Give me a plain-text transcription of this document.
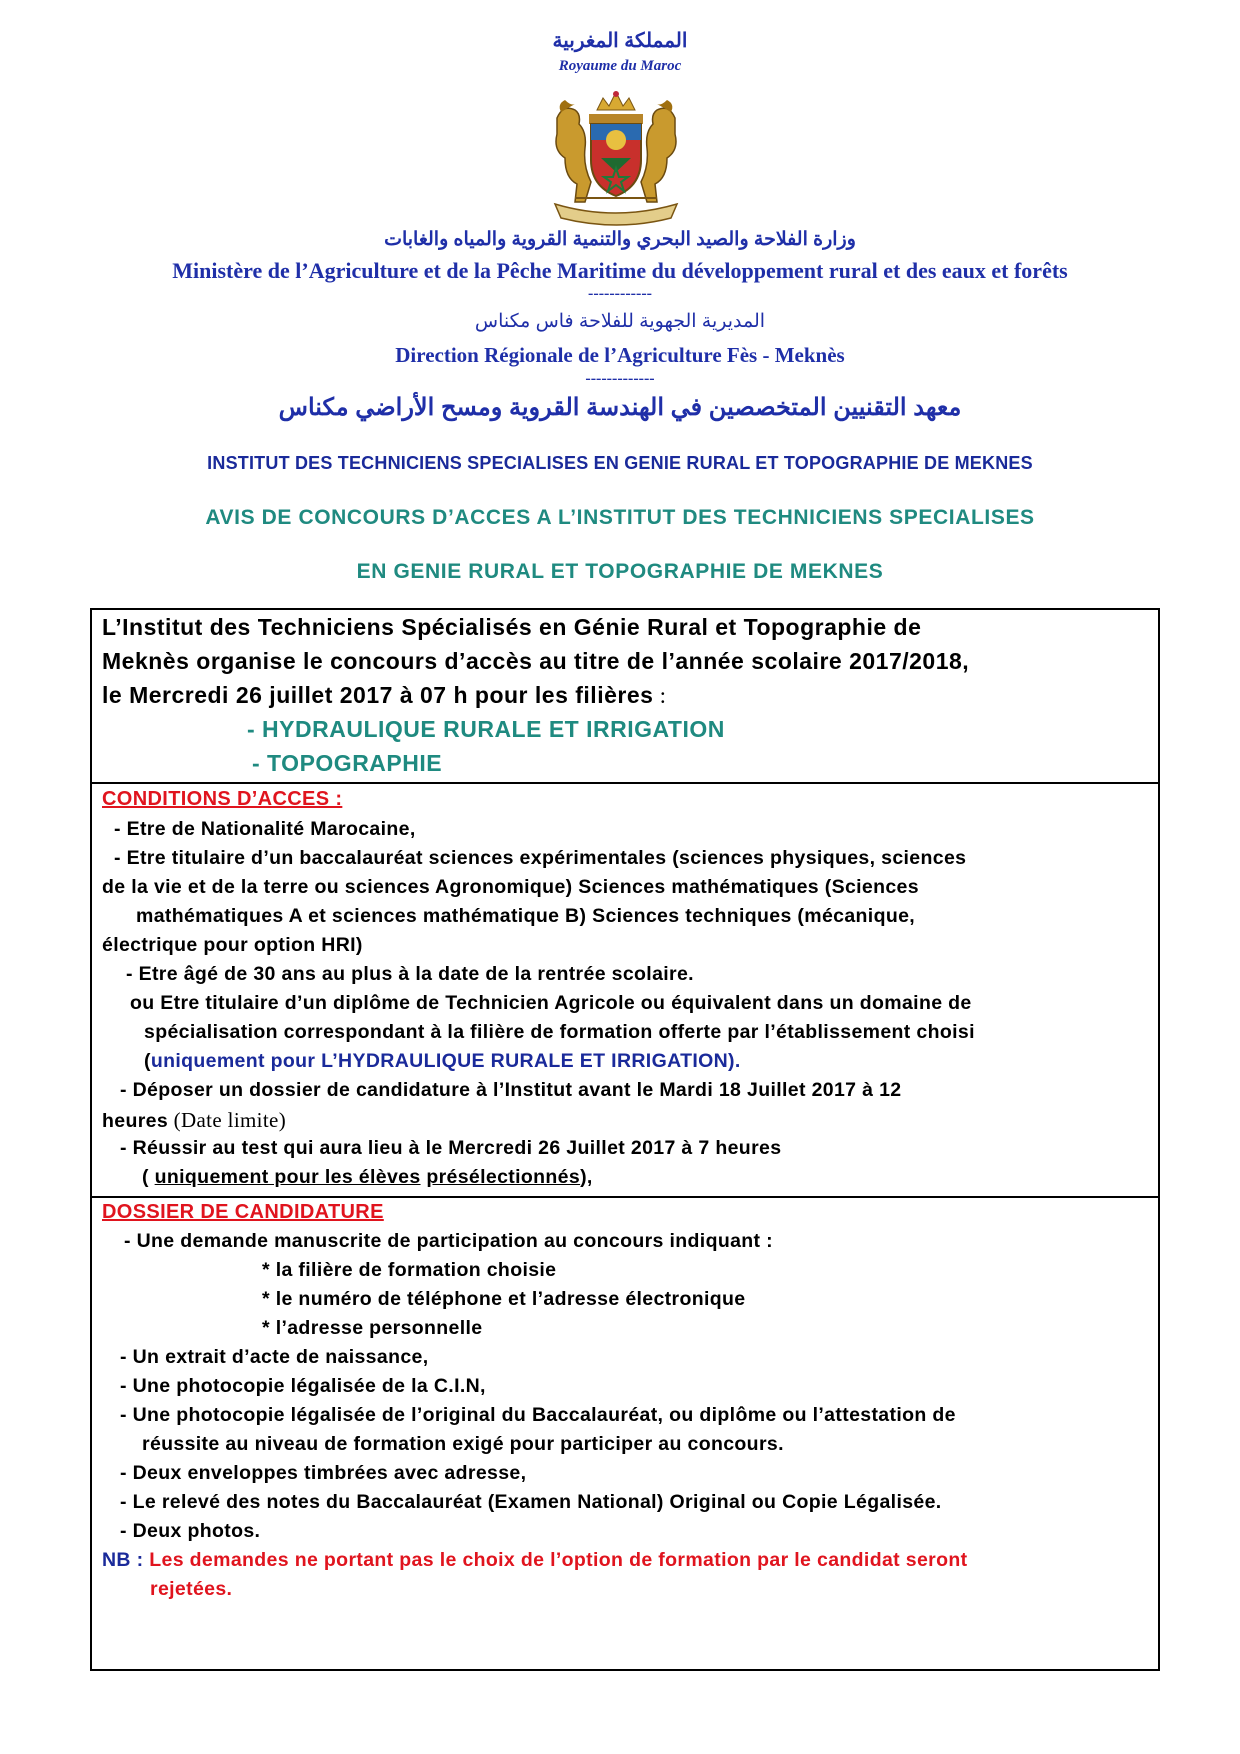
المملكة المغربية
Royaume du Maroc
وزارة الفلاحة والصيد البحري والتنمية القروية والمياه والغابات
Ministère de l’Agriculture et de la Pêche Maritime du développement rural et des eaux et forêts
------------
المديرية الجهوية للفلاحة فاس مكناس
Direction Régionale de l’Agriculture Fès - Meknès
-------------
معهد التقنيين المتخصصين في الهندسة القروية ومسح الأراضي مكناس
INSTITUT DES TECHNICIENS SPECIALISES EN GENIE RURAL ET TOPOGRAPHIE DE MEKNES
AVIS DE CONCOURS D’ACCES A L’INSTITUT DES TECHNICIENS SPECIALISES
EN GENIE RURAL ET TOPOGRAPHIE DE MEKNES
L’Institut des Techniciens Spécialisés en Génie Rural et Topographie de
Meknès organise le concours d’accès au titre de l’année scolaire 2017/2018,
le Mercredi 26 juillet 2017 à 07 h pour les filières :
- HYDRAULIQUE RURALE ET IRRIGATION
- TOPOGRAPHIE
CONDITIONS D’ACCES :
- Etre de Nationalité Marocaine,
- Etre titulaire d’un baccalauréat sciences expérimentales (sciences physiques, sciences
de la vie et de la terre ou sciences Agronomique) Sciences mathématiques (Sciences
mathématiques A et sciences mathématique B) Sciences techniques (mécanique,
électrique pour option HRI)
- Etre âgé de 30 ans au plus à la date de la rentrée scolaire.
ou Etre titulaire d’un diplôme de Technicien Agricole ou équivalent dans un domaine de
spécialisation correspondant à la filière de formation offerte par l’établissement choisi
(uniquement pour L’HYDRAULIQUE RURALE ET IRRIGATION).
- Déposer un dossier de candidature à l’Institut avant le Mardi 18 Juillet 2017 à 12
heures (Date limite)
- Réussir au test qui aura lieu à le Mercredi 26 Juillet 2017 à 7 heures
( uniquement pour les élèves présélectionnés),
DOSSIER DE CANDIDATURE
- Une demande manuscrite de participation au concours indiquant :
* la filière de formation choisie
* le numéro de téléphone et l’adresse électronique
* l’adresse personnelle
- Un extrait d’acte de naissance,
- Une photocopie légalisée de la C.I.N,
- Une photocopie légalisée de l’original du Baccalauréat, ou diplôme ou l’attestation de
réussite au niveau de formation exigé pour participer au concours.
- Deux enveloppes timbrées avec adresse,
- Le relevé des notes du Baccalauréat (Examen National) Original ou Copie Légalisée.
- Deux photos.
NB : Les demandes ne portant pas le choix de l’option de formation par le candidat seront
rejetées.
